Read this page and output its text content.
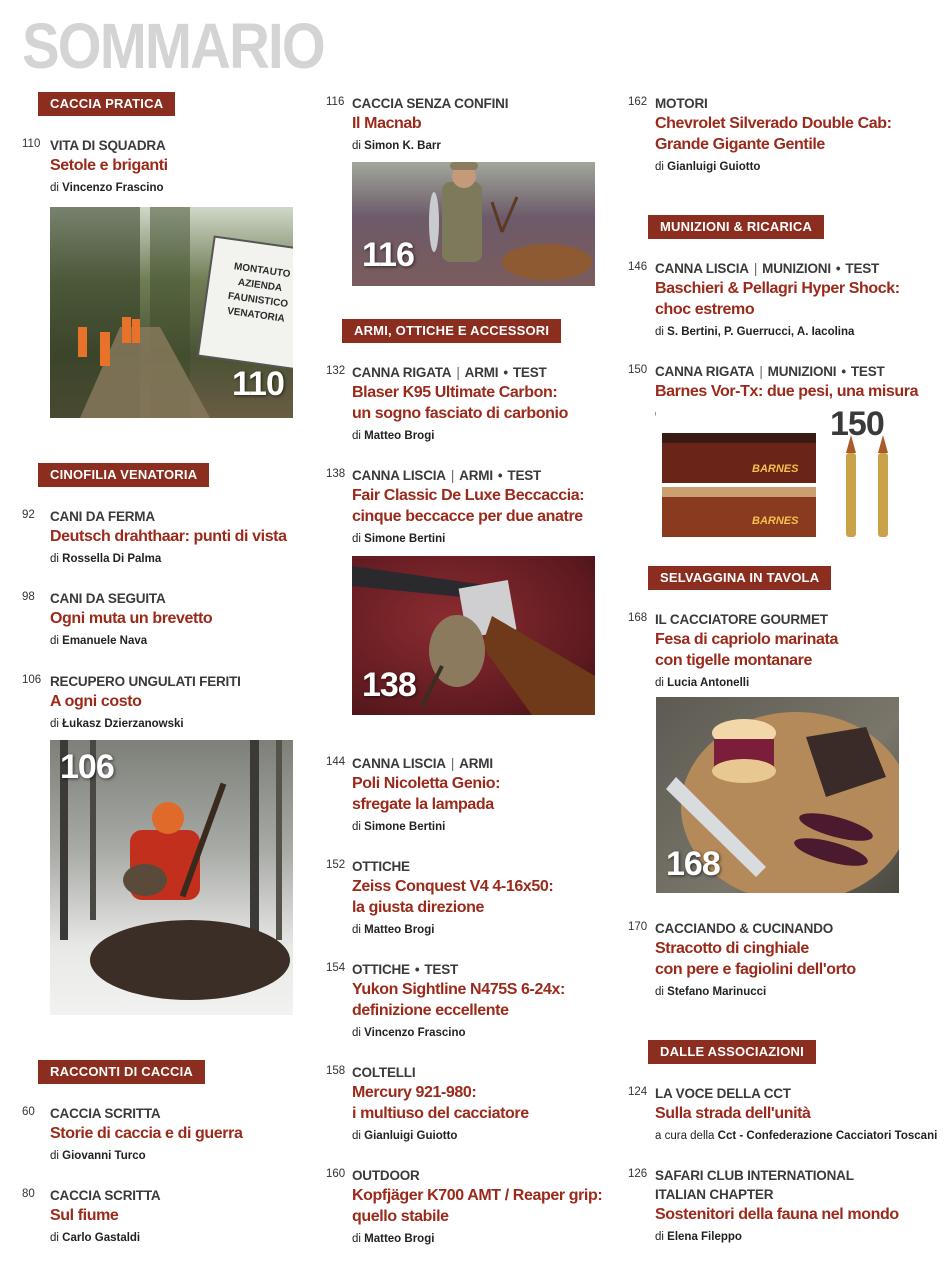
SOMMARIO
CACCIA PRATICA
110 VITA DI SQUADRA
Setole e briganti
di Vincenzo Frascino
MONTAUTO
AZIENDA FAUNISTICO
VENATORIA
110
CINOFILIA VENATORIA
92 CANI DA FERMA
Deutsch drahthaar: punti di vista
di Rossella Di Palma
98 CANI DA SEGUITA
Ogni muta un brevetto
di Emanuele Nava
106 RECUPERO UNGULATI FERITI
A ogni costo
di Łukasz Dzierzanowski
106
RACCONTI DI CACCIA
60 CACCIA SCRITTA
Storie di caccia e di guerra
di Giovanni Turco
80 CACCIA SCRITTA
Sul fiume
di Carlo Gastaldi
116 CACCIA SENZA CONFINI
Il Macnab
di Simon K. Barr
116
ARMI, OTTICHE E ACCESSORI
132 CANNA RIGATA | ARMI • TEST
Blaser K95 Ultimate Carbon:
un sogno fasciato di carbonio
di Matteo Brogi
138 CANNA LISCIA | ARMI • TEST
Fair Classic De Luxe Beccaccia:
cinque beccacce per due anatre
di Simone Bertini
138
144 CANNA LISCIA | ARMI
Poli Nicoletta Genio:
sfregate la lampada
di Simone Bertini
152 OTTICHE
Zeiss Conquest V4 4-16x50:
la giusta direzione
di Matteo Brogi
154 OTTICHE • TEST
Yukon Sightline N475S 6-24x:
definizione eccellente
di Vincenzo Frascino
158 COLTELLI
Mercury 921-980:
i multiuso del cacciatore
di Gianluigi Guiotto
160 OUTDOOR
Kopfjäger K700 AMT / Reaper grip:
quello stabile
di Matteo Brogi
162 MOTORI
Chevrolet Silverado Double Cab:
Grande Gigante Gentile
di Gianluigi Guiotto
MUNIZIONI & RICARICA
146 CANNA LISCIA | MUNIZIONI • TEST
Baschieri & Pellagri Hyper Shock:
choc estremo
di S. Bertini, P. Guerrucci, A. Iacolina
150 CANNA RIGATA | MUNIZIONI • TEST
Barnes Vor-Tx: due pesi, una misura
BARNES
BARNES
150
SELVAGGINA IN TAVOLA
168 IL CACCIATORE GOURMET
Fesa di capriolo marinata
con tigelle montanare
di Lucia Antonelli
168
170 CACCIANDO & CUCINANDO
Stracotto di cinghiale
con pere e fagiolini dell'orto
di Stefano Marinucci
DALLE ASSOCIAZIONI
124 LA VOCE DELLA CCT
Sulla strada dell'unità
a cura della Cct - Confederazione Cacciatori Toscani
126 SAFARI CLUB INTERNATIONAL
ITALIAN CHAPTER
Sostenitori della fauna nel mondo
di Elena Fileppo
